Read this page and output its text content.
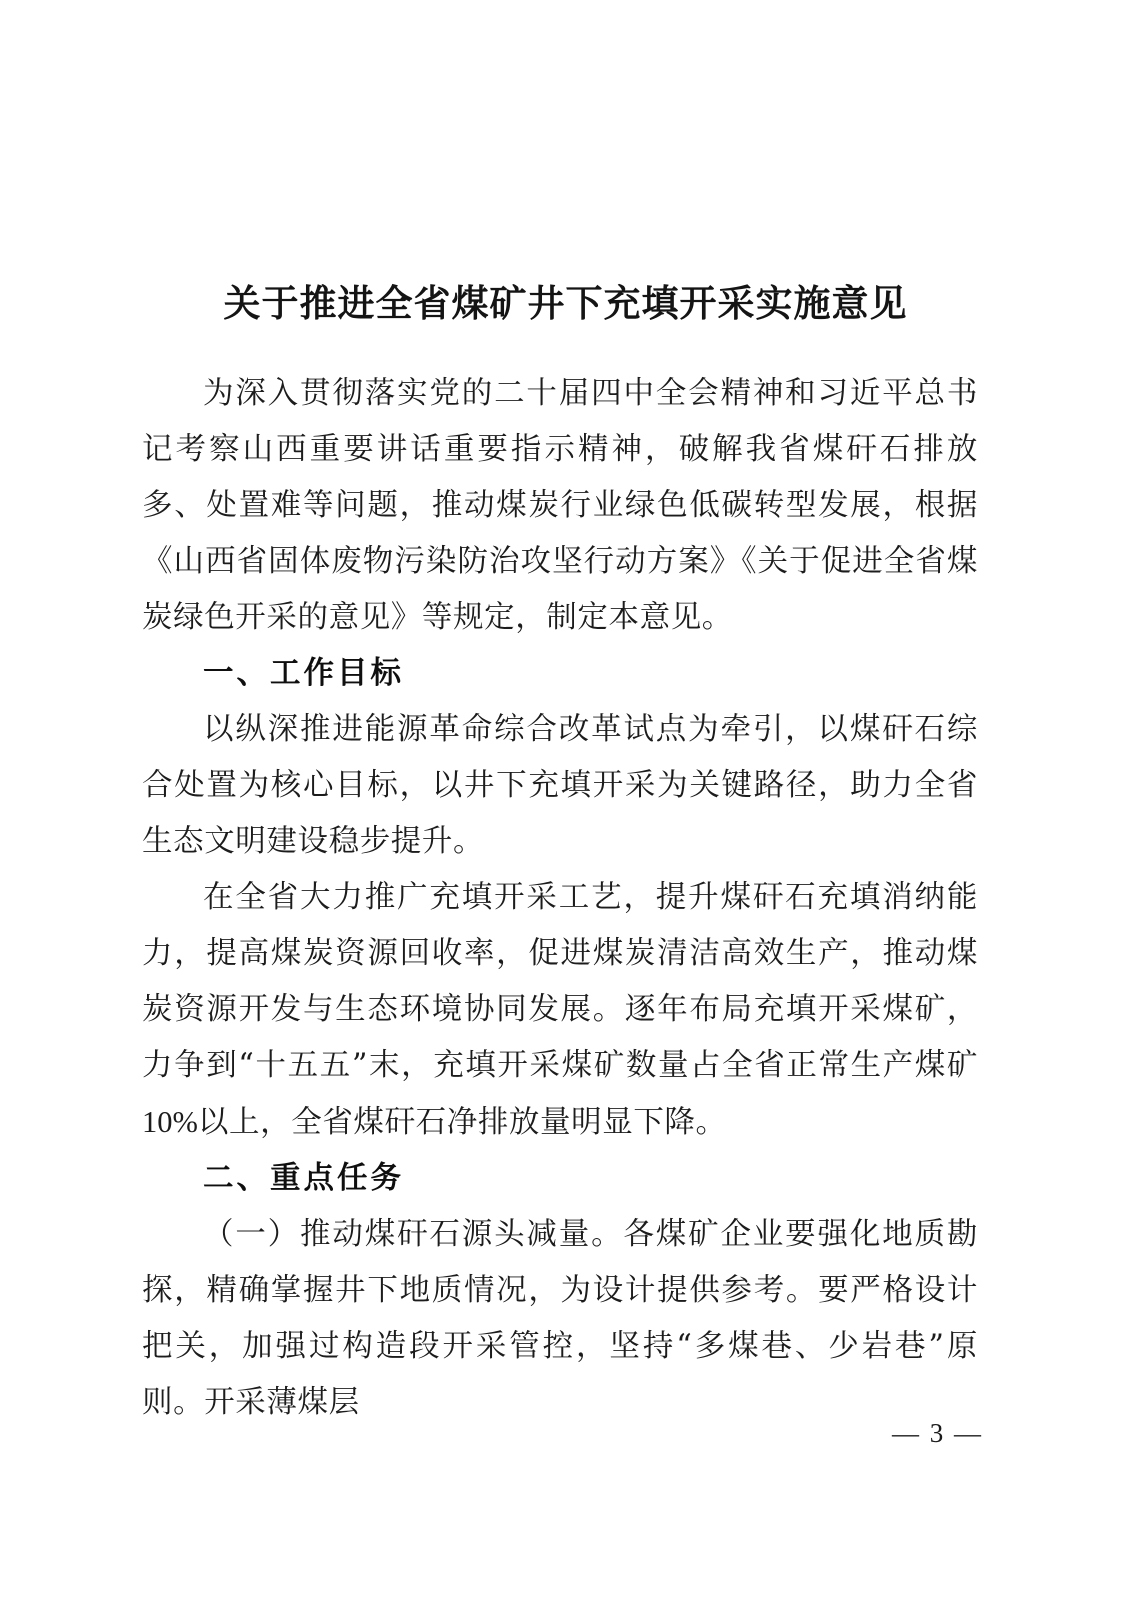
关于推进全省煤矿井下充填开采实施意见

为深入贯彻落实党的二十届四中全会精神和习近平总书记考察山西重要讲话重要指示精神，破解我省煤矸石排放多、处置难等问题，推动煤炭行业绿色低碳转型发展，根据《山西省固体废物污染防治攻坚行动方案》《关于促进全省煤炭绿色开采的意见》等规定，制定本意见。

一、工作目标

以纵深推进能源革命综合改革试点为牵引，以煤矸石综合处置为核心目标，以井下充填开采为关键路径，助力全省生态文明建设稳步提升。

在全省大力推广充填开采工艺，提升煤矸石充填消纳能力，提高煤炭资源回收率，促进煤炭清洁高效生产，推动煤炭资源开发与生态环境协同发展。逐年布局充填开采煤矿，力争到“十五五”末，充填开采煤矿数量占全省正常生产煤矿 10%以上，全省煤矸石净排放量明显下降。

二、重点任务

（一）推动煤矸石源头减量。各煤矿企业要强化地质勘探，精确掌握井下地质情况，为设计提供参考。要严格设计把关，加强过构造段开采管控，坚持“多煤巷、少岩巷”原则。开采薄煤层

— 3 —
